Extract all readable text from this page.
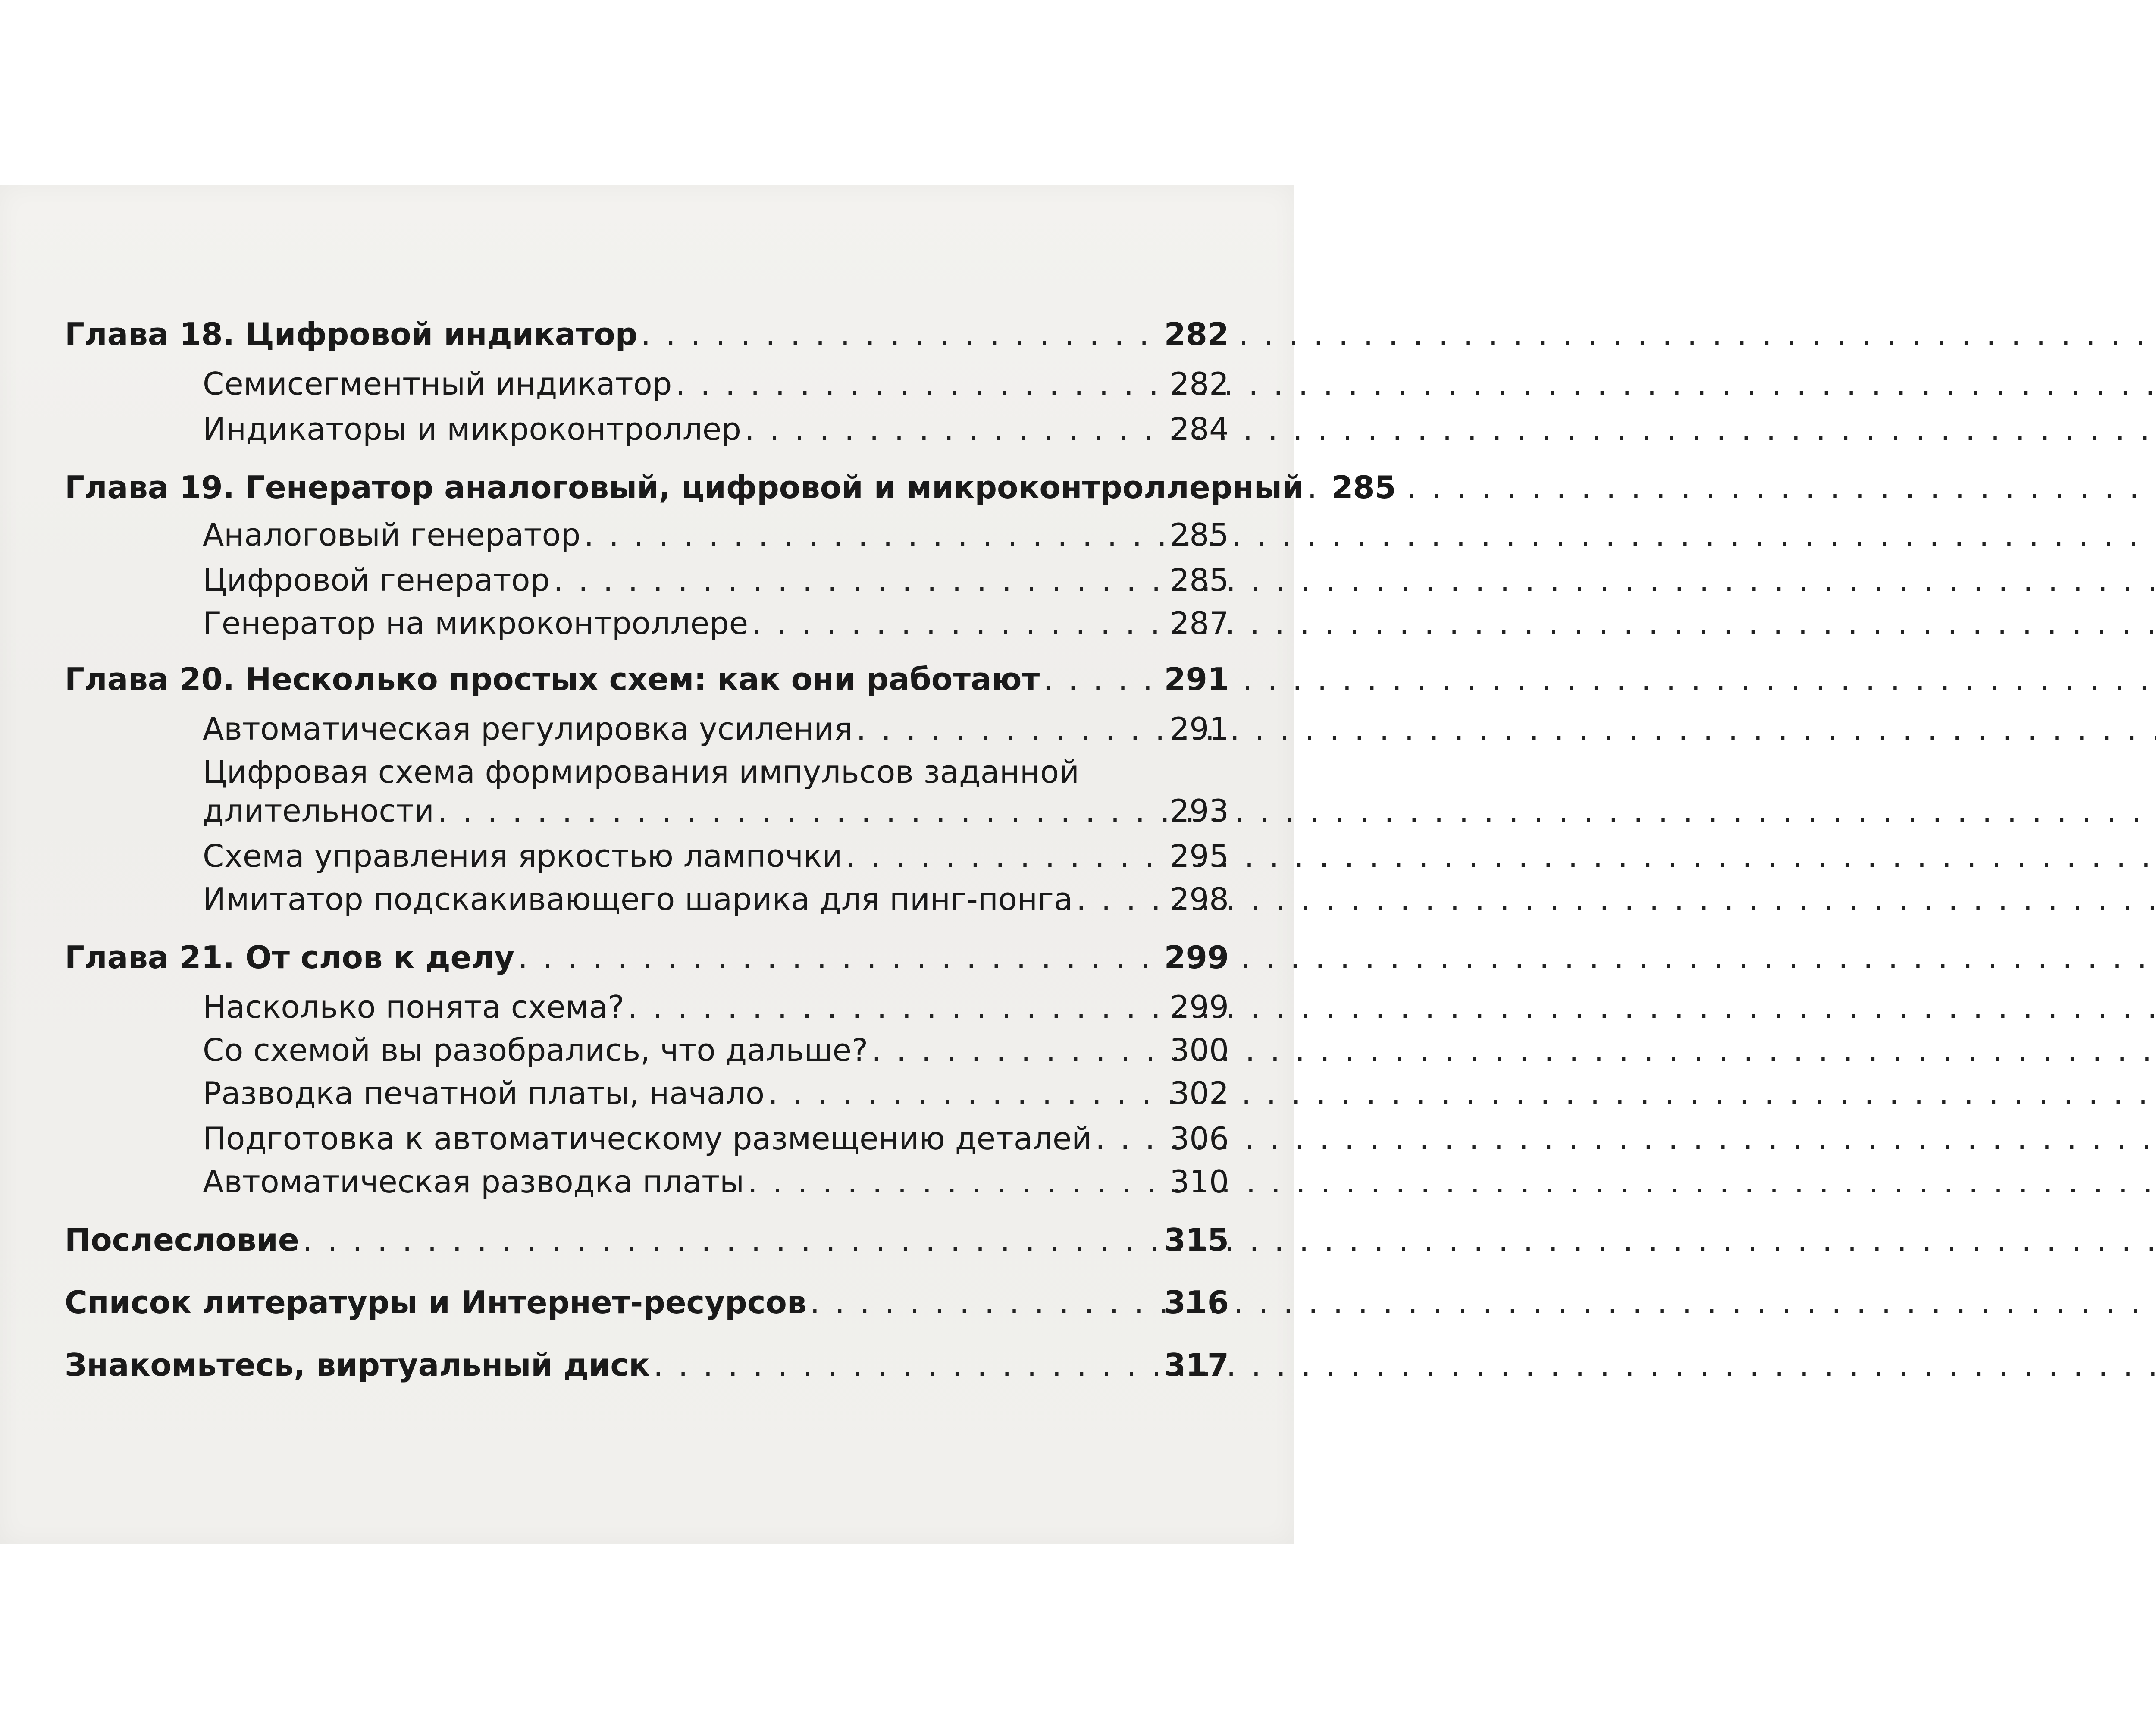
Глава 18. Цифровой индикатор . . .	282
Семисегментный индикатор . . .	282
Индикаторы и микроконтроллер . . .	284
Глава 19. Генератор аналоговый, цифровой и микроконтроллерный . . . 285
Аналоговый генератор . . .	285
Цифровой генератор . . .	285
Генератор на микроконтроллере . . .	287
Глава 20. Несколько простых схем: как они работают . . .	291
Автоматическая регулировка усиления . . .	291
Цифровая схема формирования импульсов заданной
длительности . . .	293
Схема управления яркостью лампочки . . .	295
Имитатор подскакивающего шарика для пинг-понга . . .	298
Глава 21. От слов к делу . . .	299
Насколько понята схема? . . .	299
Со схемой вы разобрались, что дальше? . . .	300
Разводка печатной платы, начало . . .	302
Подготовка к автоматическому размещению деталей . . .	306
Автоматическая разводка платы . . .	310
Послесловие . . .	315
Список литературы и Интернет-ресурсов . . .	316
Знакомьтесь, виртуальный диск . . .	317
